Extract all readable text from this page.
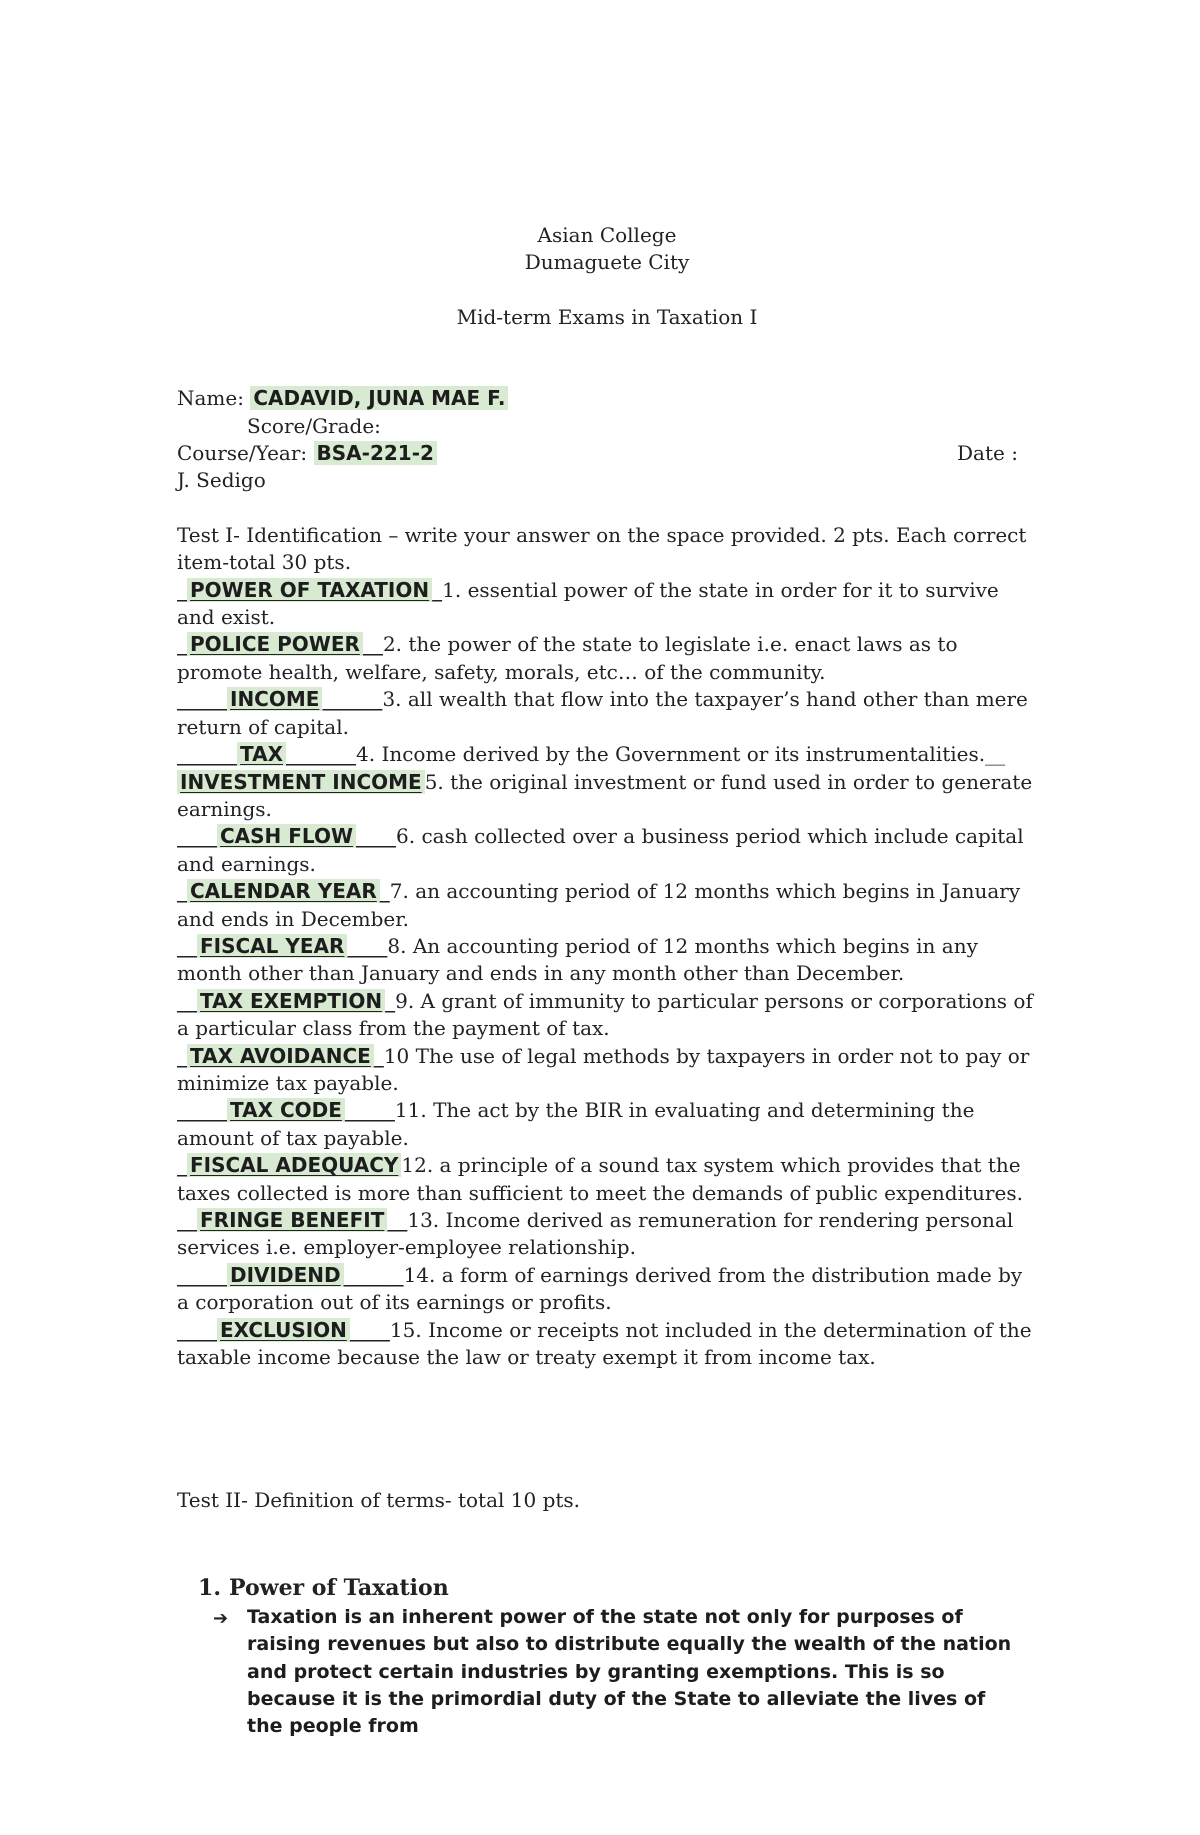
Asian College
Dumaguete City
Mid-term Exams in Taxation I
Name: CADAVID, JUNA MAE F.
Score/Grade:
Course/Year: BSA-221-2	Date :
J. Sedigo
Test I- Identification – write your answer on the space provided. 2 pts. Each correct item-total 30 pts.
_ POWER OF TAXATION _1. essential power of the state in order for it to survive and exist.
_ POLICE POWER __2. the power of the state to legislate i.e. enact laws as to promote health, welfare, safety, morals, etc… of the community.
_____ INCOME ______3. all wealth that flow into the taxpayer’s hand other than mere return of capital.
______ TAX _______4. Income derived by the Government or its instrumentalities.__
INVESTMENT INCOME 5. the original investment or fund used in order to generate earnings.
____ CASH FLOW ____6. cash collected over a business period which include capital and earnings.
_ CALENDAR YEAR _7. an accounting period of 12 months which begins in January and ends in December.
__ FISCAL YEAR ____8. An accounting period of 12 months which begins in any month other than January and ends in any month other than December.
__ TAX EXEMPTION _9. A grant of immunity to particular persons or corporations of a particular class from the payment of tax.
_ TAX AVOIDANCE _10 The use of legal methods by taxpayers in order not to pay or minimize tax payable.
_____ TAX CODE _____11. The act by the BIR in evaluating and determining the amount of tax payable.
_ FISCAL ADEQUACY 12. a principle of a sound tax system which provides that the taxes collected is more than sufficient to meet the demands of public expenditures.
__ FRINGE BENEFIT __13. Income derived as remuneration for rendering personal services i.e. employer-employee relationship.
_____ DIVIDEND ______14. a form of earnings derived from the distribution made by a corporation out of its earnings or profits.
____ EXCLUSION ____15. Income or receipts not included in the determination of the taxable income because the law or treaty exempt it from income tax.
Test II- Definition of terms- total 10 pts.
1. Power of Taxation
➔ Taxation is an inherent power of the state not only for purposes of raising revenues but also to distribute equally the wealth of the nation and protect certain industries by granting exemptions. This is so because it is the primordial duty of the State to alleviate the lives of the people from
